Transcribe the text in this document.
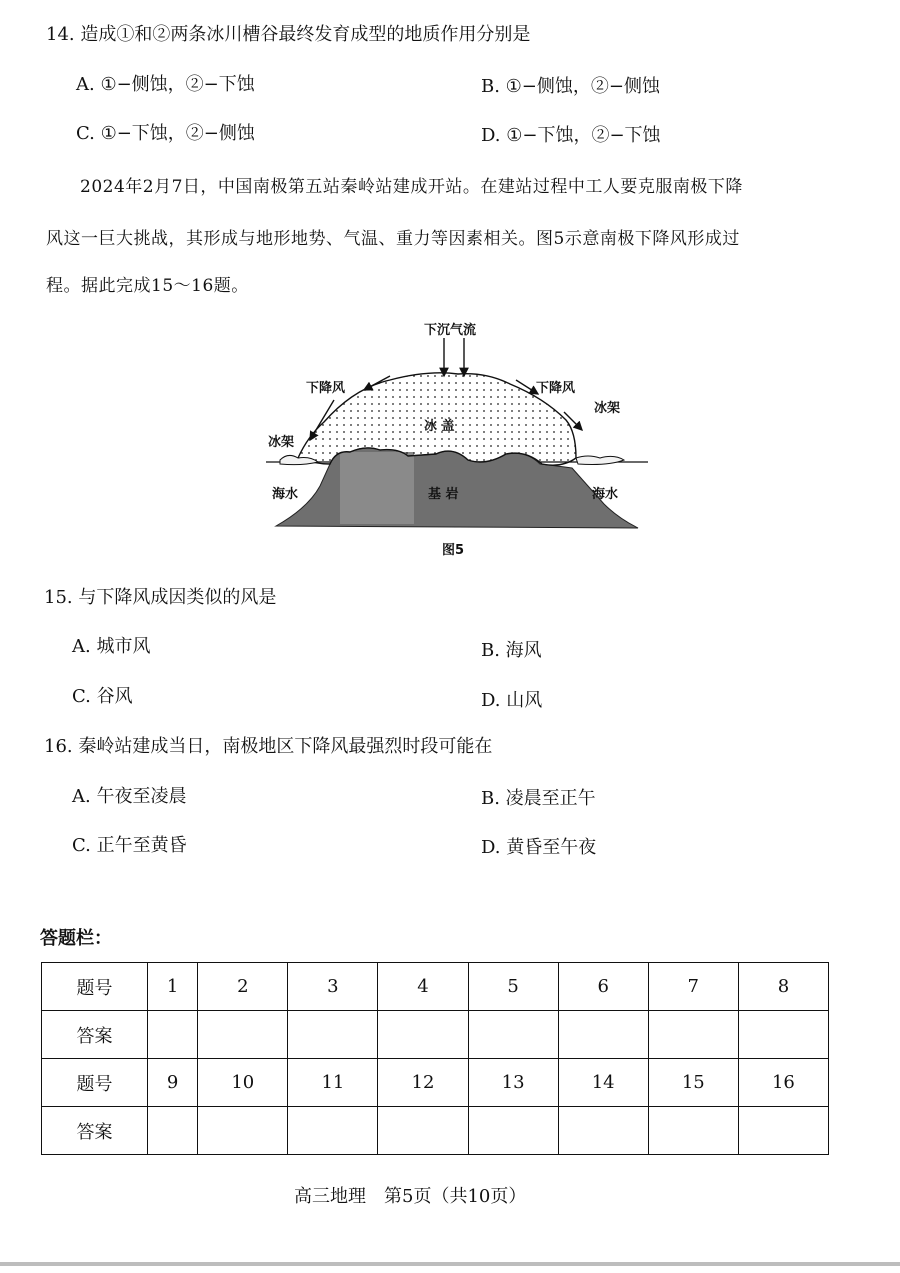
14. 造成①和②两条冰川槽谷最终发育成型的地质作用分别是
A. ①−侧蚀，②−下蚀	B. ①−侧蚀，②−侧蚀
C. ①−下蚀，②−侧蚀	D. ①−下蚀，②−下蚀
2024年2月7日，中国南极第五站秦岭站建成开站。在建站过程中工人要克服南极下降
风这一巨大挑战，其形成与地形地势、气温、重力等因素相关。图5示意南极下降风形成过
程。据此完成15～16题。
下沉气流
下降风	下降风
冰架
冰架
冰 盖
基 岩
海水	海水
图5
15. 与下降风成因类似的风是
A. 城市风	B. 海风
C. 谷风	D. 山风
16. 秦岭站建成当日，南极地区下降风最强烈时段可能在
A. 午夜至凌晨	B. 凌晨至正午
C. 正午至黄昏	D. 黄昏至午夜
答题栏：
题号	1	2	3	4	5	6	7	8
答案								
题号	9	10	11	12	13	14	15	16
答案								
高三地理　第5页（共10页）
